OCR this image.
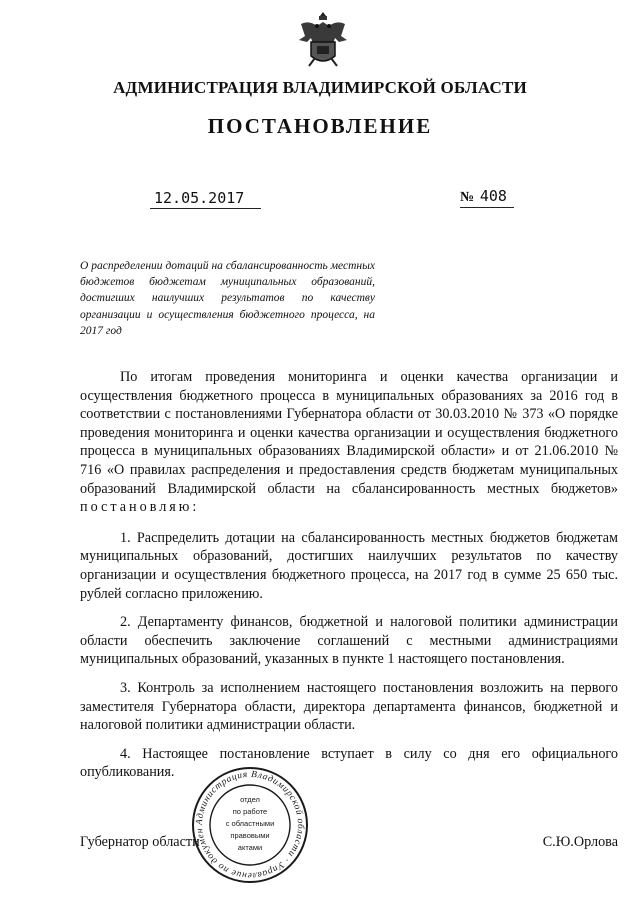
АДМИНИСТРАЦИЯ ВЛАДИМИРСКОЙ ОБЛАСТИ
ПОСТАНОВЛЕНИЕ
12.05.2017	№ 408
О распределении дотаций на сбалансированность местных бюджетов бюджетам муниципальных образований, достигших наилучших результатов по качеству организации и осуществления бюджетного процесса, на 2017 год

По итогам проведения мониторинга и оценки качества организации и осуществления бюджетного процесса в муниципальных образованиях за 2016 год в соответствии с постановлениями Губернатора области от 30.03.2010 № 373 «О порядке проведения мониторинга и оценки качества организации и осуществления бюджетного процесса в муниципальных образованиях Владимирской области» и от 21.06.2010 № 716 «О правилах распределения и предоставления средств бюджетам муниципальных образований Владимирской области на сбалансированность местных бюджетов» постановляю:

1. Распределить дотации на сбалансированность местных бюджетов бюджетам муниципальных образований, достигших наилучших результатов по качеству организации и осуществления бюджетного процесса, на 2017 год в сумме 25 650 тыс. рублей согласно приложению.

2. Департаменту финансов, бюджетной и налоговой политики администрации области обеспечить заключение соглашений с местными администрациями муниципальных образований, указанных в пункте 1 настоящего постановления.

3. Контроль за исполнением настоящего постановления возложить на первого заместителя Губернатора области, директора департамента финансов, бюджетной и налоговой политики администрации области.

4. Настоящее постановление вступает в силу со дня его официального опубликования.

Губернатор области	С.Ю.Орлова
Администрация Владимирской области · Управление по докумен
отдел
по работе
с областными
правовыми
актами
